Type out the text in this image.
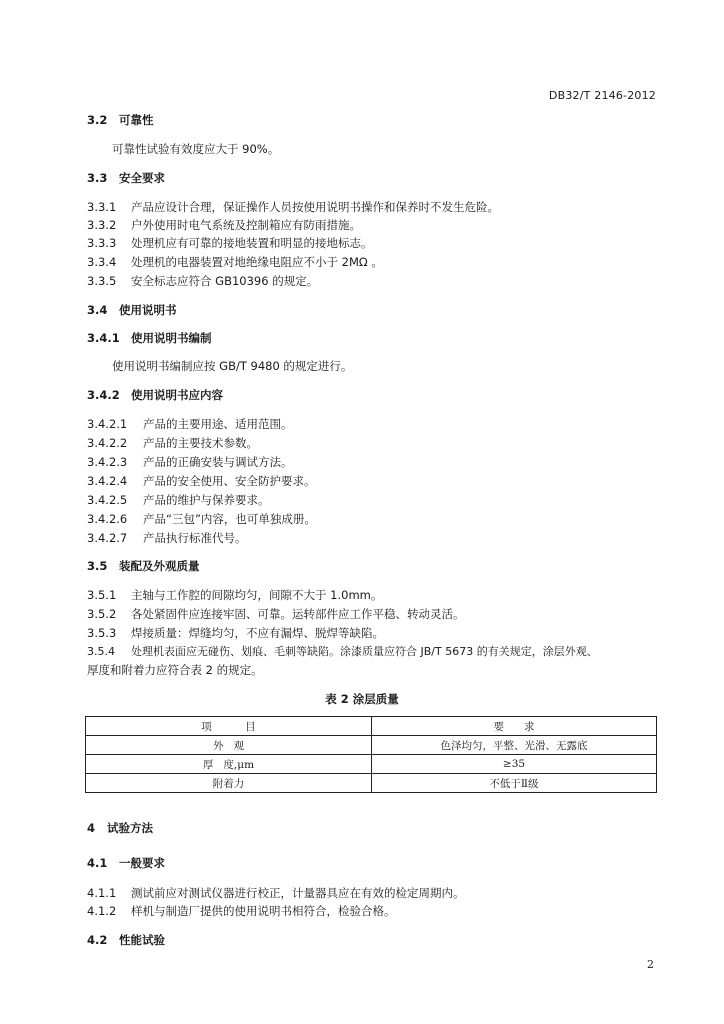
DB32/T 2146-2012
3.2 可靠性
可靠性试验有效度应大于 90%。
3.3 安全要求
3.3.1 产品应设计合理，保证操作人员按使用说明书操作和保养时不发生危险。
3.3.2 户外使用时电气系统及控制箱应有防雨措施。
3.3.3 处理机应有可靠的接地装置和明显的接地标志。
3.3.4 处理机的电器装置对地绝缘电阻应不小于 2MΩ 。
3.3.5 安全标志应符合 GB10396 的规定。
3.4 使用说明书
3.4.1 使用说明书编制
使用说明书编制应按 GB/T 9480 的规定进行。
3.4.2 使用说明书应内容
3.4.2.1 产品的主要用途、适用范围。
3.4.2.2 产品的主要技术参数。
3.4.2.3 产品的正确安装与调试方法。
3.4.2.4 产品的安全使用、安全防护要求。
3.4.2.5 产品的维护与保养要求。
3.4.2.6 产品“三包”内容，也可单独成册。
3.4.2.7 产品执行标准代号。
3.5 装配及外观质量
3.5.1 主轴与工作腔的间隙均匀，间隙不大于 1.0mm。
3.5.2 各处紧固件应连接牢固、可靠。运转部件应工作平稳、转动灵活。
3.5.3 焊接质量：焊缝均匀，不应有漏焊、脱焊等缺陷。
3.5.4 处理机表面应无碰伤、划痕、毛刺等缺陷。涂漆质量应符合 JB/T 5673 的有关规定，涂层外观、
厚度和附着力应符合表 2 的规定。
表 2 涂层质量
项          目	要      求
外   观	色泽均匀，平整、光滑、无露底
厚   度,μm	≥35
附着力	不低于Ⅱ级
4 试验方法
4.1 一般要求
4.1.1 测试前应对测试仪器进行校正，计量器具应在有效的检定周期内。
4.1.2 样机与制造厂提供的使用说明书相符合，检验合格。
4.2 性能试验
2
